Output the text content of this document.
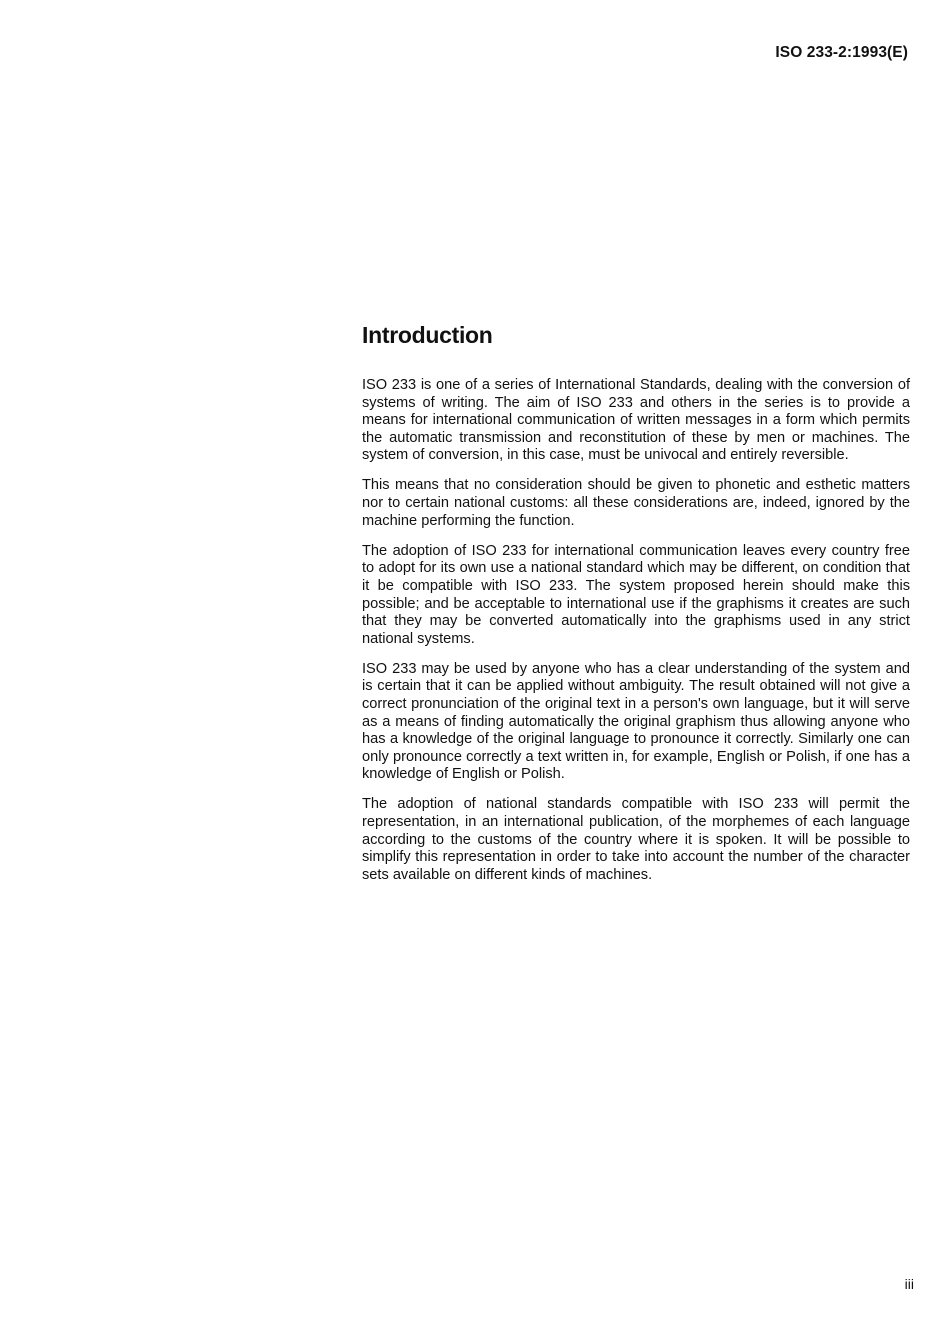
ISO 233-2:1993(E)
Introduction

ISO 233 is one of a series of International Standards, dealing with the conversion of systems of writing. The aim of ISO 233 and others in the series is to provide a means for international communication of written messages in a form which permits the automatic transmission and reconstitution of these by men or machines. The system of conversion, in this case, must be univocal and entirely reversible.

This means that no consideration should be given to phonetic and esthetic matters nor to certain national customs: all these considerations are, indeed, ignored by the machine performing the function.

The adoption of ISO 233 for international communication leaves every country free to adopt for its own use a national standard which may be different, on condition that it be compatible with ISO 233. The system proposed herein should make this possible; and be acceptable to international use if the graphisms it creates are such that they may be converted automatically into the graphisms used in any strict national systems.

ISO 233 may be used by anyone who has a clear understanding of the system and is certain that it can be applied without ambiguity. The result obtained will not give a correct pronunciation of the original text in a person's own language, but it will serve as a means of finding automatically the original graphism thus allowing anyone who has a knowledge of the original language to pronounce it correctly. Similarly one can only pronounce correctly a text written in, for example, English or Polish, if one has a knowledge of English or Polish.

The adoption of national standards compatible with ISO 233 will permit the representation, in an international publication, of the morphemes of each language according to the customs of the country where it is spoken. It will be possible to simplify this representation in order to take into account the number of the character sets available on different kinds of machines.

iii
